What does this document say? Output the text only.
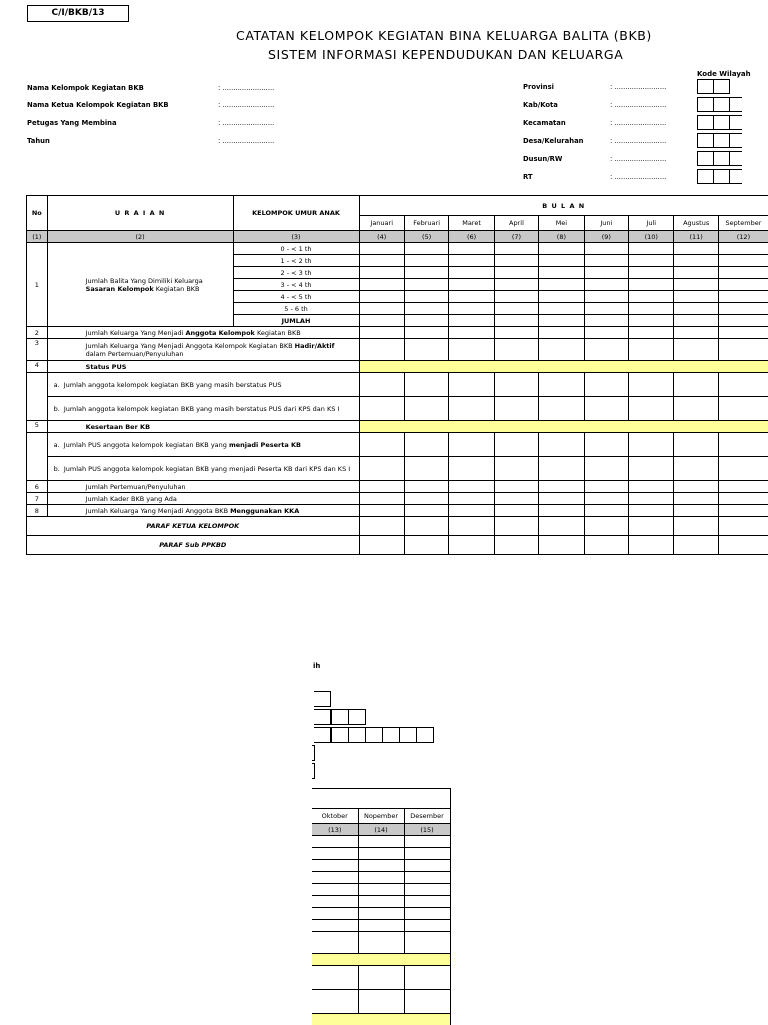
C/I/BKB/13
CATATAN KELOMPOK KEGIATAN BINA KELUARGA BALITA (BKB)
SISTEM INFORMASI KEPENDUDUKAN DAN KELUARGA
Kode Wilayah
Nama Kelompok Kegiatan BKB	: ........................
Nama Ketua Kelompok Kegiatan BKB	: ........................
Petugas Yang Membina	: ........................
Tahun	: ........................
Provinsi	: ........................
Kab/Kota	: ........................
Kecamatan	: ........................
Desa/Kelurahan	: ........................
Dusun/RW	: ........................
RT	: ........................
No	U R A I A N	KELOMPOK UMUR ANAK	B U L A N								
			Januari	Februari	Maret	April	Mei	Juni	Juli	Agustus	September
(1)	(2)	(3)	(4)	(5)	(6)	(7)	(8)	(9)	(10)	(11)	(12)
1	Jumlah Balita Yang Dimiliki Keluarga Sasaran Kelompok Kegiatan BKB	0 - < 1 th									
		1 - < 2 th									
		2 - < 3 th									
		3 - < 4 th									
		4 - < 5 th									
		5 - 6 th									
		JUMLAH									
2	Jumlah Keluarga Yang Menjadi Anggota Kelompok Kegiatan BKB										
3	Jumlah Keluarga Yang Menjadi Anggota Kelompok Kegiatan BKB Hadir/Aktif dalam Pertemuan/Penyuluhan										
4	Status PUS										
	a. Jumlah anggota kelompok kegiatan BKB yang masih berstatus PUS										
	b. Jumlah anggota kelompok kegiatan BKB yang masih berstatus PUS dari KPS dan KS I										
5	Kesertaan Ber KB										
	a. Jumlah PUS anggota kelompok kegiatan BKB yang menjadi Peserta KB										
	b. Jumlah PUS anggota kelompok kegiatan BKB yang menjadi Peserta KB dari KPS dan KS I										
6	Jumlah Pertemuan/Penyuluhan										
7	Jumlah Kader BKB yang Ada										
8	Jumlah Keluarga Yang Menjadi Anggota BKB Menggunakan KKA										
PARAF KETUA KELOMPOK											
PARAF Sub PPKBD											
ih

Oktober	Nopember	Desember
(13)	(14)	(15)
